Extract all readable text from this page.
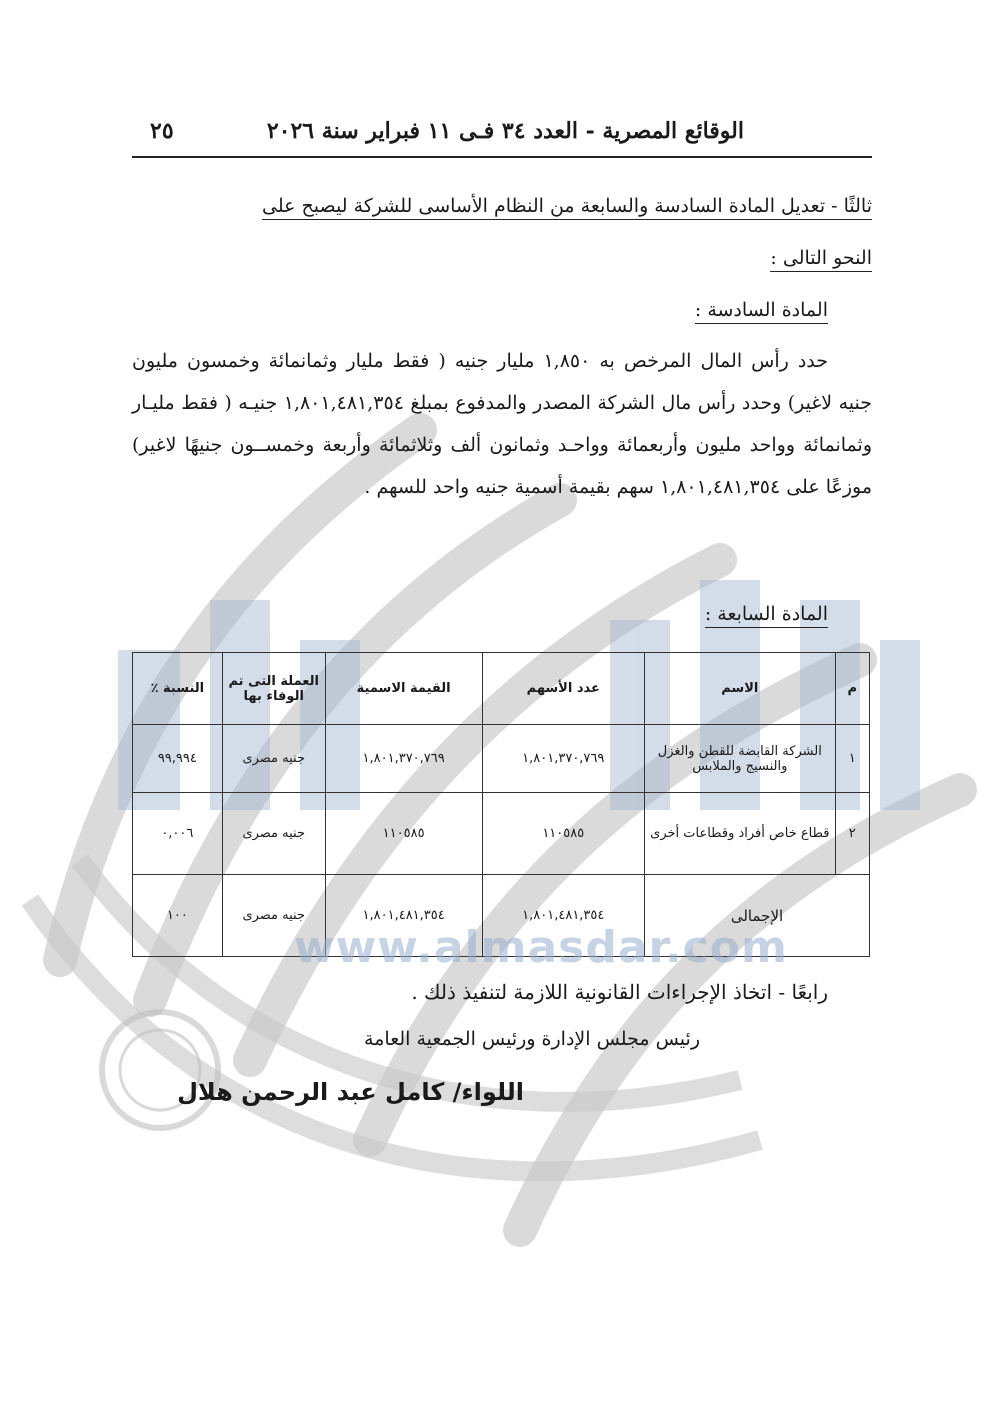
الوقائع المصرية - العدد ٣٤ فـى ١١ فبراير سنة ٢٠٢٦
٢٥
ثالثًا - تعديل المادة السادسة والسابعة من النظام الأساسى للشركة ليصبح على
النحو التالى :
المادة السادسة :
حدد رأس المال المرخص به ١,٨٥٠ مليار جنيه ( فقط مليار وثمانمائة وخمسون مليون جنيه لاغير) وحدد رأس مال الشركة المصدر والمدفوع بمبلغ ١,٨٠١,٤٨١,٣٥٤ جنيـه ( فقط مليـار وثمانمائة وواحد مليون وأربعمائة وواحـد وثمانون ألف وثلاثمائة وأربعة وخمســون جنيهًا لاغير) موزعًا على ١,٨٠١,٤٨١,٣٥٤ سهم بقيمة أسمية جنيه واحد للسهم .
المادة السابعة :
م	الاسم	عدد الأسهم	القيمة الاسمية	العملة التى تم الوفاء بها	النسبة ٪
١	الشركة القابضة للقطن والغزل والنسيج والملابس	١,٨٠١,٣٧٠,٧٦٩	١,٨٠١,٣٧٠,٧٦٩	جنيه مصرى	٩٩,٩٩٤
٢	قطاع خاص أفراد وقطاعات أخرى	١١٠٥٨٥	١١٠٥٨٥	جنيه مصرى	٠,٠٠٦
الإجمالى		١,٨٠١,٤٨١,٣٥٤	١,٨٠١,٤٨١,٣٥٤	جنيه مصرى	١٠٠
www.almasdar.com
رابعًا - اتخاذ الإجراءات القانونية اللازمة لتنفيذ ذلك .
رئيس مجلس الإدارة ورئيس الجمعية العامة
اللواء/ كامل عبد الرحمن هلال
